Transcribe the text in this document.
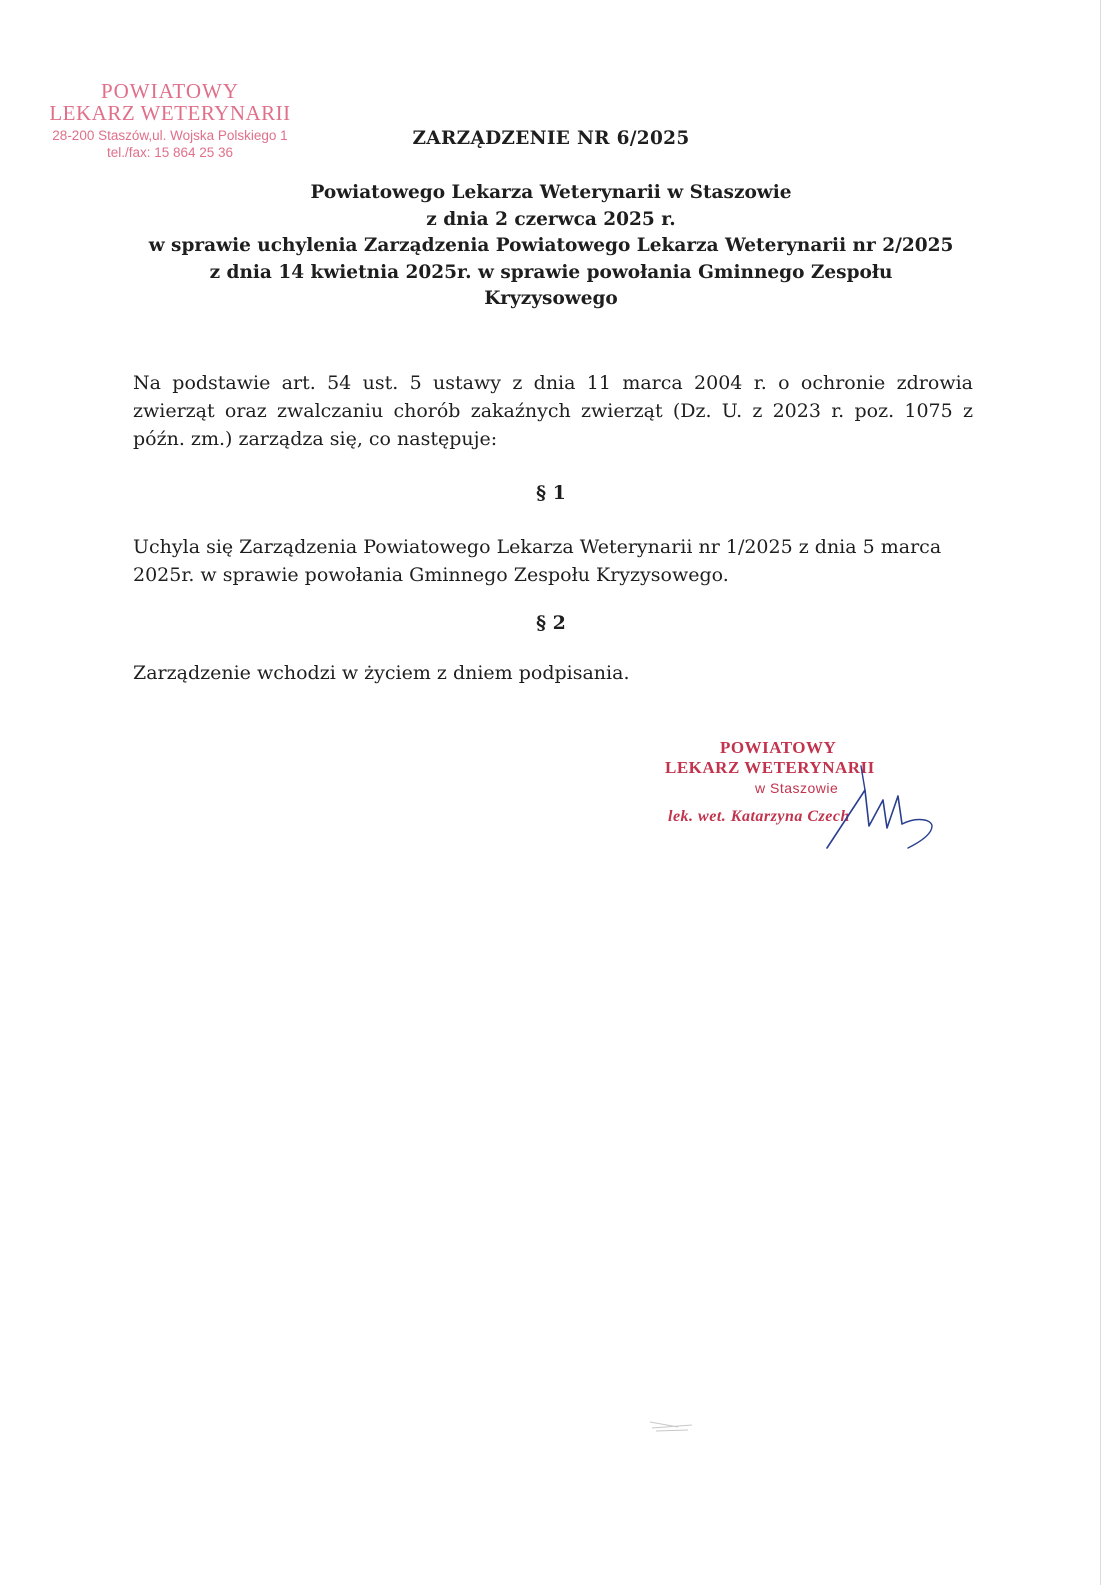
POWIATOWY
LEKARZ WETERYNARII
28-200 Staszów,ul. Wojska Polskiego 1
tel./fax: 15 864 25 36
ZARZĄDZENIE NR 6/2025
Powiatowego Lekarza Weterynarii w Staszowie
z dnia 2 czerwca 2025 r.
w sprawie uchylenia Zarządzenia Powiatowego Lekarza Weterynarii nr 2/2025
z dnia 14 kwietnia 2025r. w sprawie powołania Gminnego Zespołu
Kryzysowego
Na podstawie art. 54 ust. 5 ustawy z dnia 11 marca 2004 r. o ochronie zdrowia
zwierząt oraz zwalczaniu chorób zakaźnych zwierząt (Dz. U. z 2023 r. poz. 1075 z
późn. zm.) zarządza się, co następuje:
§ 1
Uchyla się Zarządzenia Powiatowego Lekarza Weterynarii nr 1/2025 z dnia 5 marca
2025r. w sprawie powołania Gminnego Zespołu Kryzysowego.
§ 2
Zarządzenie wchodzi w życiem z dniem podpisania.
POWIATOWY
LEKARZ WETERYNARII
w Staszowie
lek. wet. Katarzyna Czech
